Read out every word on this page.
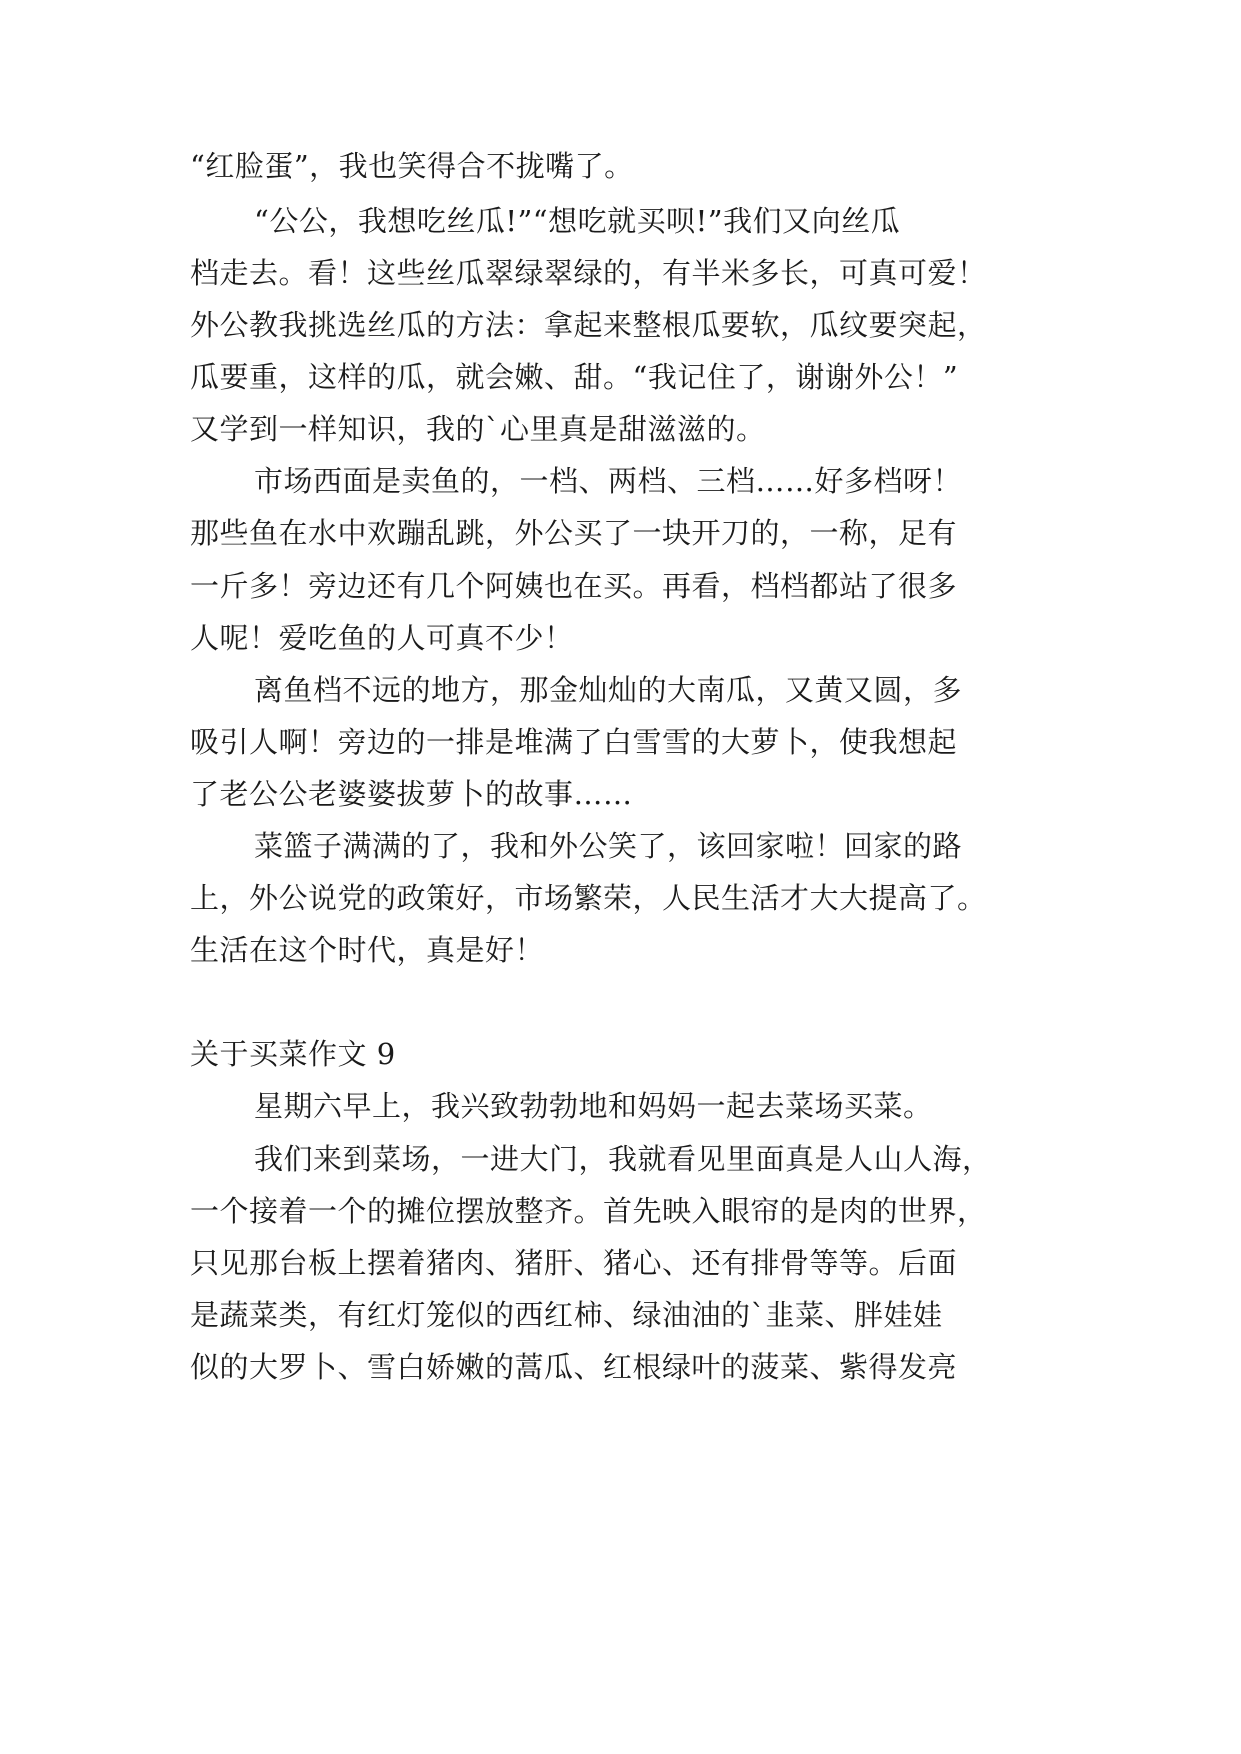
“红脸蛋”，我也笑得合不拢嘴了。

“公公，我想吃丝瓜!”“想吃就买呗!”我们又向丝瓜

档走去。看！这些丝瓜翠绿翠绿的，有半米多长，可真可爱！

外公教我挑选丝瓜的方法：拿起来整根瓜要软，瓜纹要突起，

瓜要重，这样的瓜，就会嫩、甜。“我记住了，谢谢外公！”

又学到一样知识，我的`心里真是甜滋滋的。

市场西面是卖鱼的，一档、两档、三档……好多档呀！

那些鱼在水中欢蹦乱跳，外公买了一块开刀的，一称，足有

一斤多！旁边还有几个阿姨也在买。再看，档档都站了很多

人呢！爱吃鱼的人可真不少！

离鱼档不远的地方，那金灿灿的大南瓜，又黄又圆，多

吸引人啊！旁边的一排是堆满了白雪雪的大萝卜，使我想起

了老公公老婆婆拔萝卜的故事……

菜篮子满满的了，我和外公笑了，该回家啦！回家的路

上，外公说党的政策好，市场繁荣，人民生活才大大提高了。

生活在这个时代，真是好！

关于买菜作文 9

星期六早上，我兴致勃勃地和妈妈一起去菜场买菜。

我们来到菜场，一进大门，我就看见里面真是人山人海，

一个接着一个的摊位摆放整齐。首先映入眼帘的是肉的世界，

只见那台板上摆着猪肉、猪肝、猪心、还有排骨等等。后面

是蔬菜类，有红灯笼似的西红柿、绿油油的`韭菜、胖娃娃

似的大罗卜、雪白娇嫩的蒿瓜、红根绿叶的菠菜、紫得发亮
